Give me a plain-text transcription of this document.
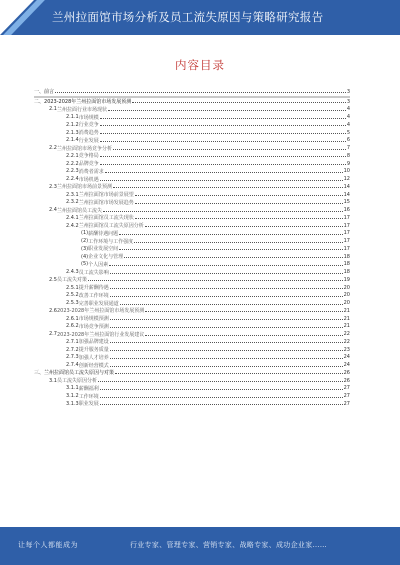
兰州拉面馆市场分析及员工流失原因与策略研究报告
内容目录
一、 前言	3
二、 2023-2028年兰州拉面馆市场发展预测	3
2.1 兰州拉面行业市场现状	4
2.1.1 市场规模	4
2.1.2 行业竞争	4
2.1.3 消费趋势	5
2.1.4 行业发展	6
2.2 兰州拉面馆市场竞争分析	7
2.2.1 竞争格局	8
2.2.2 品牌竞争	9
2.2.3 消费者需求	10
2.2.4 市场机遇	12
2.3 兰州拉面馆市场前景预测	14
2.3.1 兰州拉面馆市场前景展望	14
2.3.2 兰州拉面馆市场发展趋势	15
2.4 兰州拉面馆员工流失	16
2.4.1 兰州拉面馆员工流失现状	17
2.4.2 兰州拉面馆员工流失原因分析	17
(1) 薪酬待遇问题	17
(2) 工作环境与工作强度	17
(3) 职业发展空间	17
(4) 企业文化与管理	18
(5) 个人因素	18
2.4.3 员工流失影响	18
2.5 员工流失对策	19
2.5.1 提升薪酬待遇	20
2.5.2 改善工作环境	20
2.5.3 完善职业发展通道	20
2.6 2023-2028年兰州拉面馆市场发展预测	21
2.6.1 市场规模预测	21
2.6.2 市场竞争预测	21
2.7 2023-2028年兰州拉面馆行业发展建议	22
2.7.1 加强品牌建设	22
2.7.2 提升服务质量	23
2.7.3 加强人才培养	24
2.7.4 创新经营模式	24
三、 兰州拉面馆员工流失原因与对策	26
3.1 员工流失原因分析	26
3.1.1 薪酬福利	27
3.1.2 工作环境	27
3.1.3 职业发展	27
让每个人都能成为	行业专家、管理专家、营销专家、战略专家、成功企业家……
